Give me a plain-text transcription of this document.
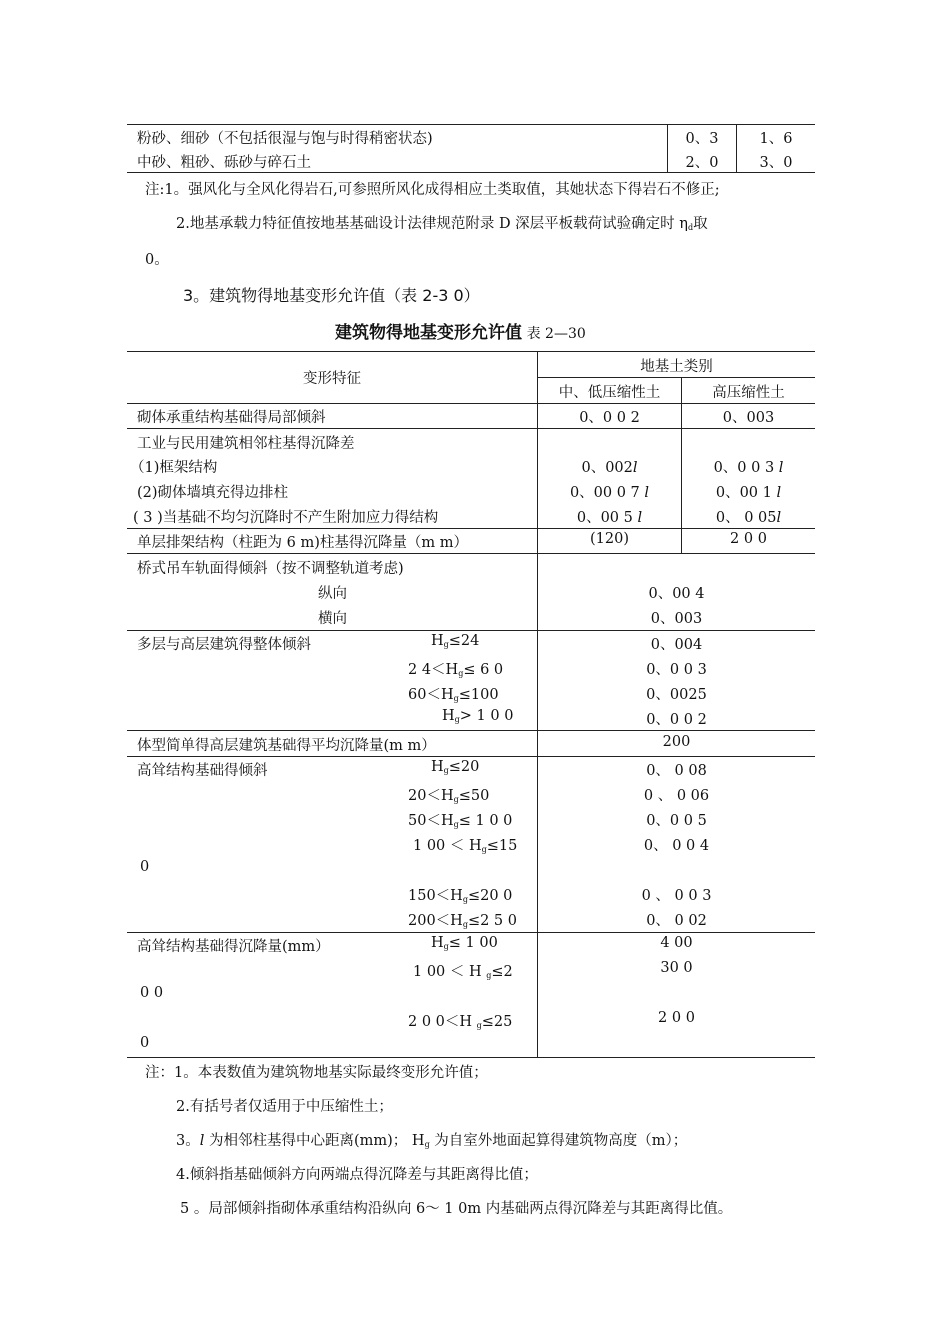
粉砂、细砂（不包括很湿与饱与时得稍密状态)	0、3	1、6
中砂、粗砂、砾砂与碎石土	2、0	3、0
注:1。强风化与全风化得岩石,可参照所风化成得相应土类取值，其她状态下得岩石不修正;
2.地基承载力特征值按地基基础设计法律规范附录 D 深层平板载荷试验确定时 $\eta_d$取
0。
3。建筑物得地基变形允许值（表 2-3 0）
建筑物得地基变形允许值 表 2—30
变形特征
地基土类别
中、低压缩性土	高压缩性土
砌体承重结构基础得局部倾斜	0、0 0 2	0、003
工业与民用建筑相邻柱基得沉降差
（1)框架结构	0、002l	0、0 0 3 l
(2)砌体墙填充得边排柱	0、00 0 7 l	0、00 1 l
( 3 )当基础不均匀沉降时不产生附加应力得结构	0、00 5 l	0、 0 05l
单层排架结构（柱距为 6 m)柱基得沉降量（m m）	(120)	2 0 0
桥式吊车轨面得倾斜（按不调整轨道考虑)
纵向	0、00 4
横向	0、003
多层与高层建筑得整体倾斜	$H_g\le 24$	0、004
2 $4<H_g\le 6$ 0	0、0 0 3
$60<H_g\le 100$	0、0025
$H_g> 1$ 0 0	0、0 0 2
体型简单得高层建筑基础得平均沉降量(m m）	200
高耸结构基础得倾斜	$H_g\le 20$	0、 0 08
$20<H_g\le 50$	0 、 0 06
$50<H_g\le 1$ 0 0	0、0 0 5
1 $00 < H_g\le 15$	0、 0 0 4
0
$150<H_g\le 20$ 0	0 、 0 0 3
$200<H_g\le 2$ 5 0	0、 0 02
高耸结构基础得沉降量(mm）	$H_g\le 1$ 00	4 00
1 00 ＜ H $_g$≤2	30 0
0 0
2 0 0＜H $_g$≤25	2 0 0
0
注：1。本表数值为建筑物地基实际最终变形允许值；
2.有括号者仅适用于中压缩性土；
3。l 为相邻柱基得中心距离(mm)； $H_g$ 为自室外地面起算得建筑物高度（m）；
4.倾斜指基础倾斜方向两端点得沉降差与其距离得比值；
5 。局部倾斜指砌体承重结构沿纵向 6～ 1 0m 内基础两点得沉降差与其距离得比值。
